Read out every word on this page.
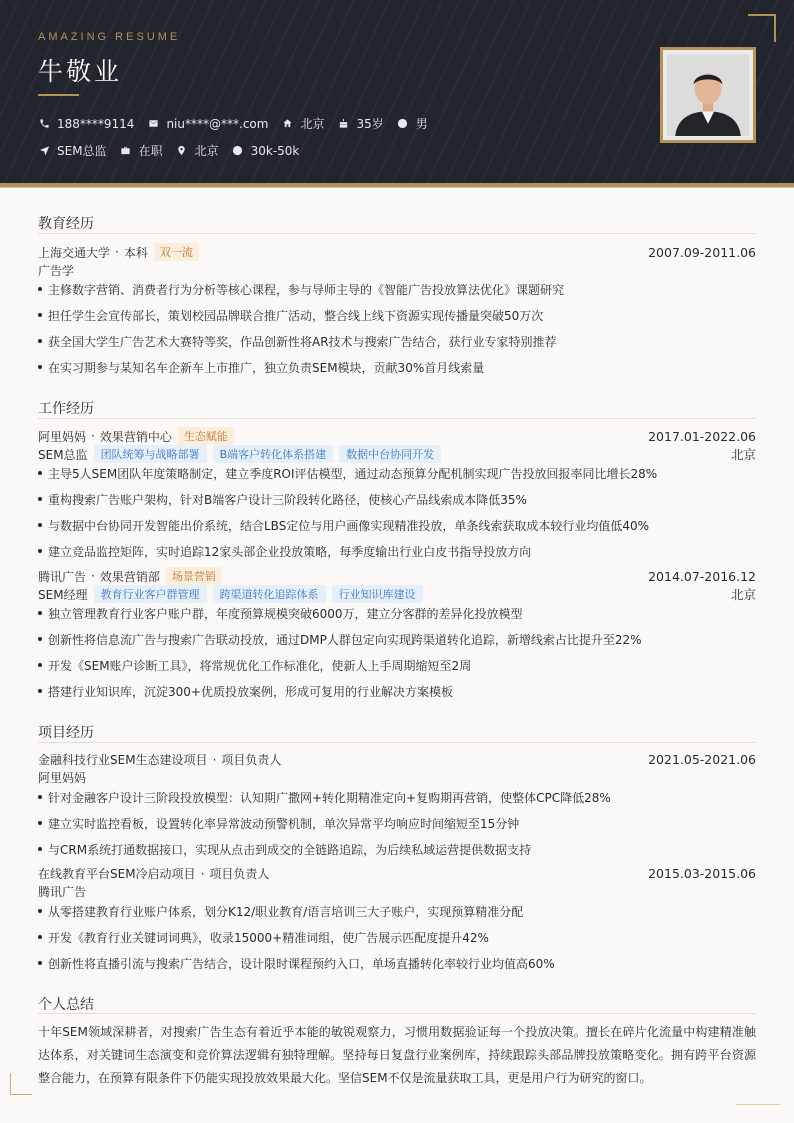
AMAZING RESUME
牛敬业
188****9114	niu****@***.com	北京	35岁	男
SEM总监	在职	北京	30k-50k
教育经历
上海交通大学 · 本科	双一流	2007.09-2011.06
广告学
主修数字营销、消费者行为分析等核心课程，参与导师主导的《智能广告投放算法优化》课题研究
担任学生会宣传部长，策划校园品牌联合推广活动，整合线上线下资源实现传播量突破50万次
获全国大学生广告艺术大赛特等奖，作品创新性将AR技术与搜索广告结合，获行业专家特别推荐
在实习期参与某知名车企新车上市推广，独立负责SEM模块，贡献30%首月线索量
工作经历
阿里妈妈 · 效果营销中心	生态赋能	2017.01-2022.06
SEM总监	团队统筹与战略部署	B端客户转化体系搭建	数据中台协同开发	北京
主导5人SEM团队年度策略制定，建立季度ROI评估模型，通过动态预算分配机制实现广告投放回报率同比增长28%
重构搜索广告账户架构，针对B端客户设计三阶段转化路径，使核心产品线索成本降低35%
与数据中台协同开发智能出价系统，结合LBS定位与用户画像实现精准投放，单条线索获取成本较行业均值低40%
建立竞品监控矩阵，实时追踪12家头部企业投放策略，每季度输出行业白皮书指导投放方向
腾讯广告 · 效果营销部	场景营销	2014.07-2016.12
SEM经理	教育行业客户群管理	跨渠道转化追踪体系	行业知识库建设	北京
独立管理教育行业客户账户群，年度预算规模突破6000万，建立分客群的差异化投放模型
创新性将信息流广告与搜索广告联动投放，通过DMP人群包定向实现跨渠道转化追踪，新增线索占比提升至22%
开发《SEM账户诊断工具》，将常规优化工作标准化，使新人上手周期缩短至2周
搭建行业知识库，沉淀300+优质投放案例，形成可复用的行业解决方案模板
项目经历
金融科技行业SEM生态建设项目 · 项目负责人	2021.05-2021.06
阿里妈妈
针对金融客户设计三阶段投放模型：认知期广撒网+转化期精准定向+复购期再营销，使整体CPC降低28%
建立实时监控看板，设置转化率异常波动预警机制，单次异常平均响应时间缩短至15分钟
与CRM系统打通数据接口，实现从点击到成交的全链路追踪，为后续私域运营提供数据支持
在线教育平台SEM冷启动项目 · 项目负责人	2015.03-2015.06
腾讯广告
从零搭建教育行业账户体系，划分K12/职业教育/语言培训三大子账户，实现预算精准分配
开发《教育行业关键词词典》，收录15000+精准词组，使广告展示匹配度提升42%
创新性将直播引流与搜索广告结合，设计限时课程预约入口，单场直播转化率较行业均值高60%
个人总结
十年SEM领域深耕者，对搜索广告生态有着近乎本能的敏锐观察力，习惯用数据验证每一个投放决策。擅长在碎片化流量中构建精准触达体系，对关键词生态演变和竞价算法逻辑有独特理解。坚持每日复盘行业案例库，持续跟踪头部品牌投放策略变化。拥有跨平台资源整合能力，在预算有限条件下仍能实现投放效果最大化。坚信SEM不仅是流量获取工具，更是用户行为研究的窗口。
